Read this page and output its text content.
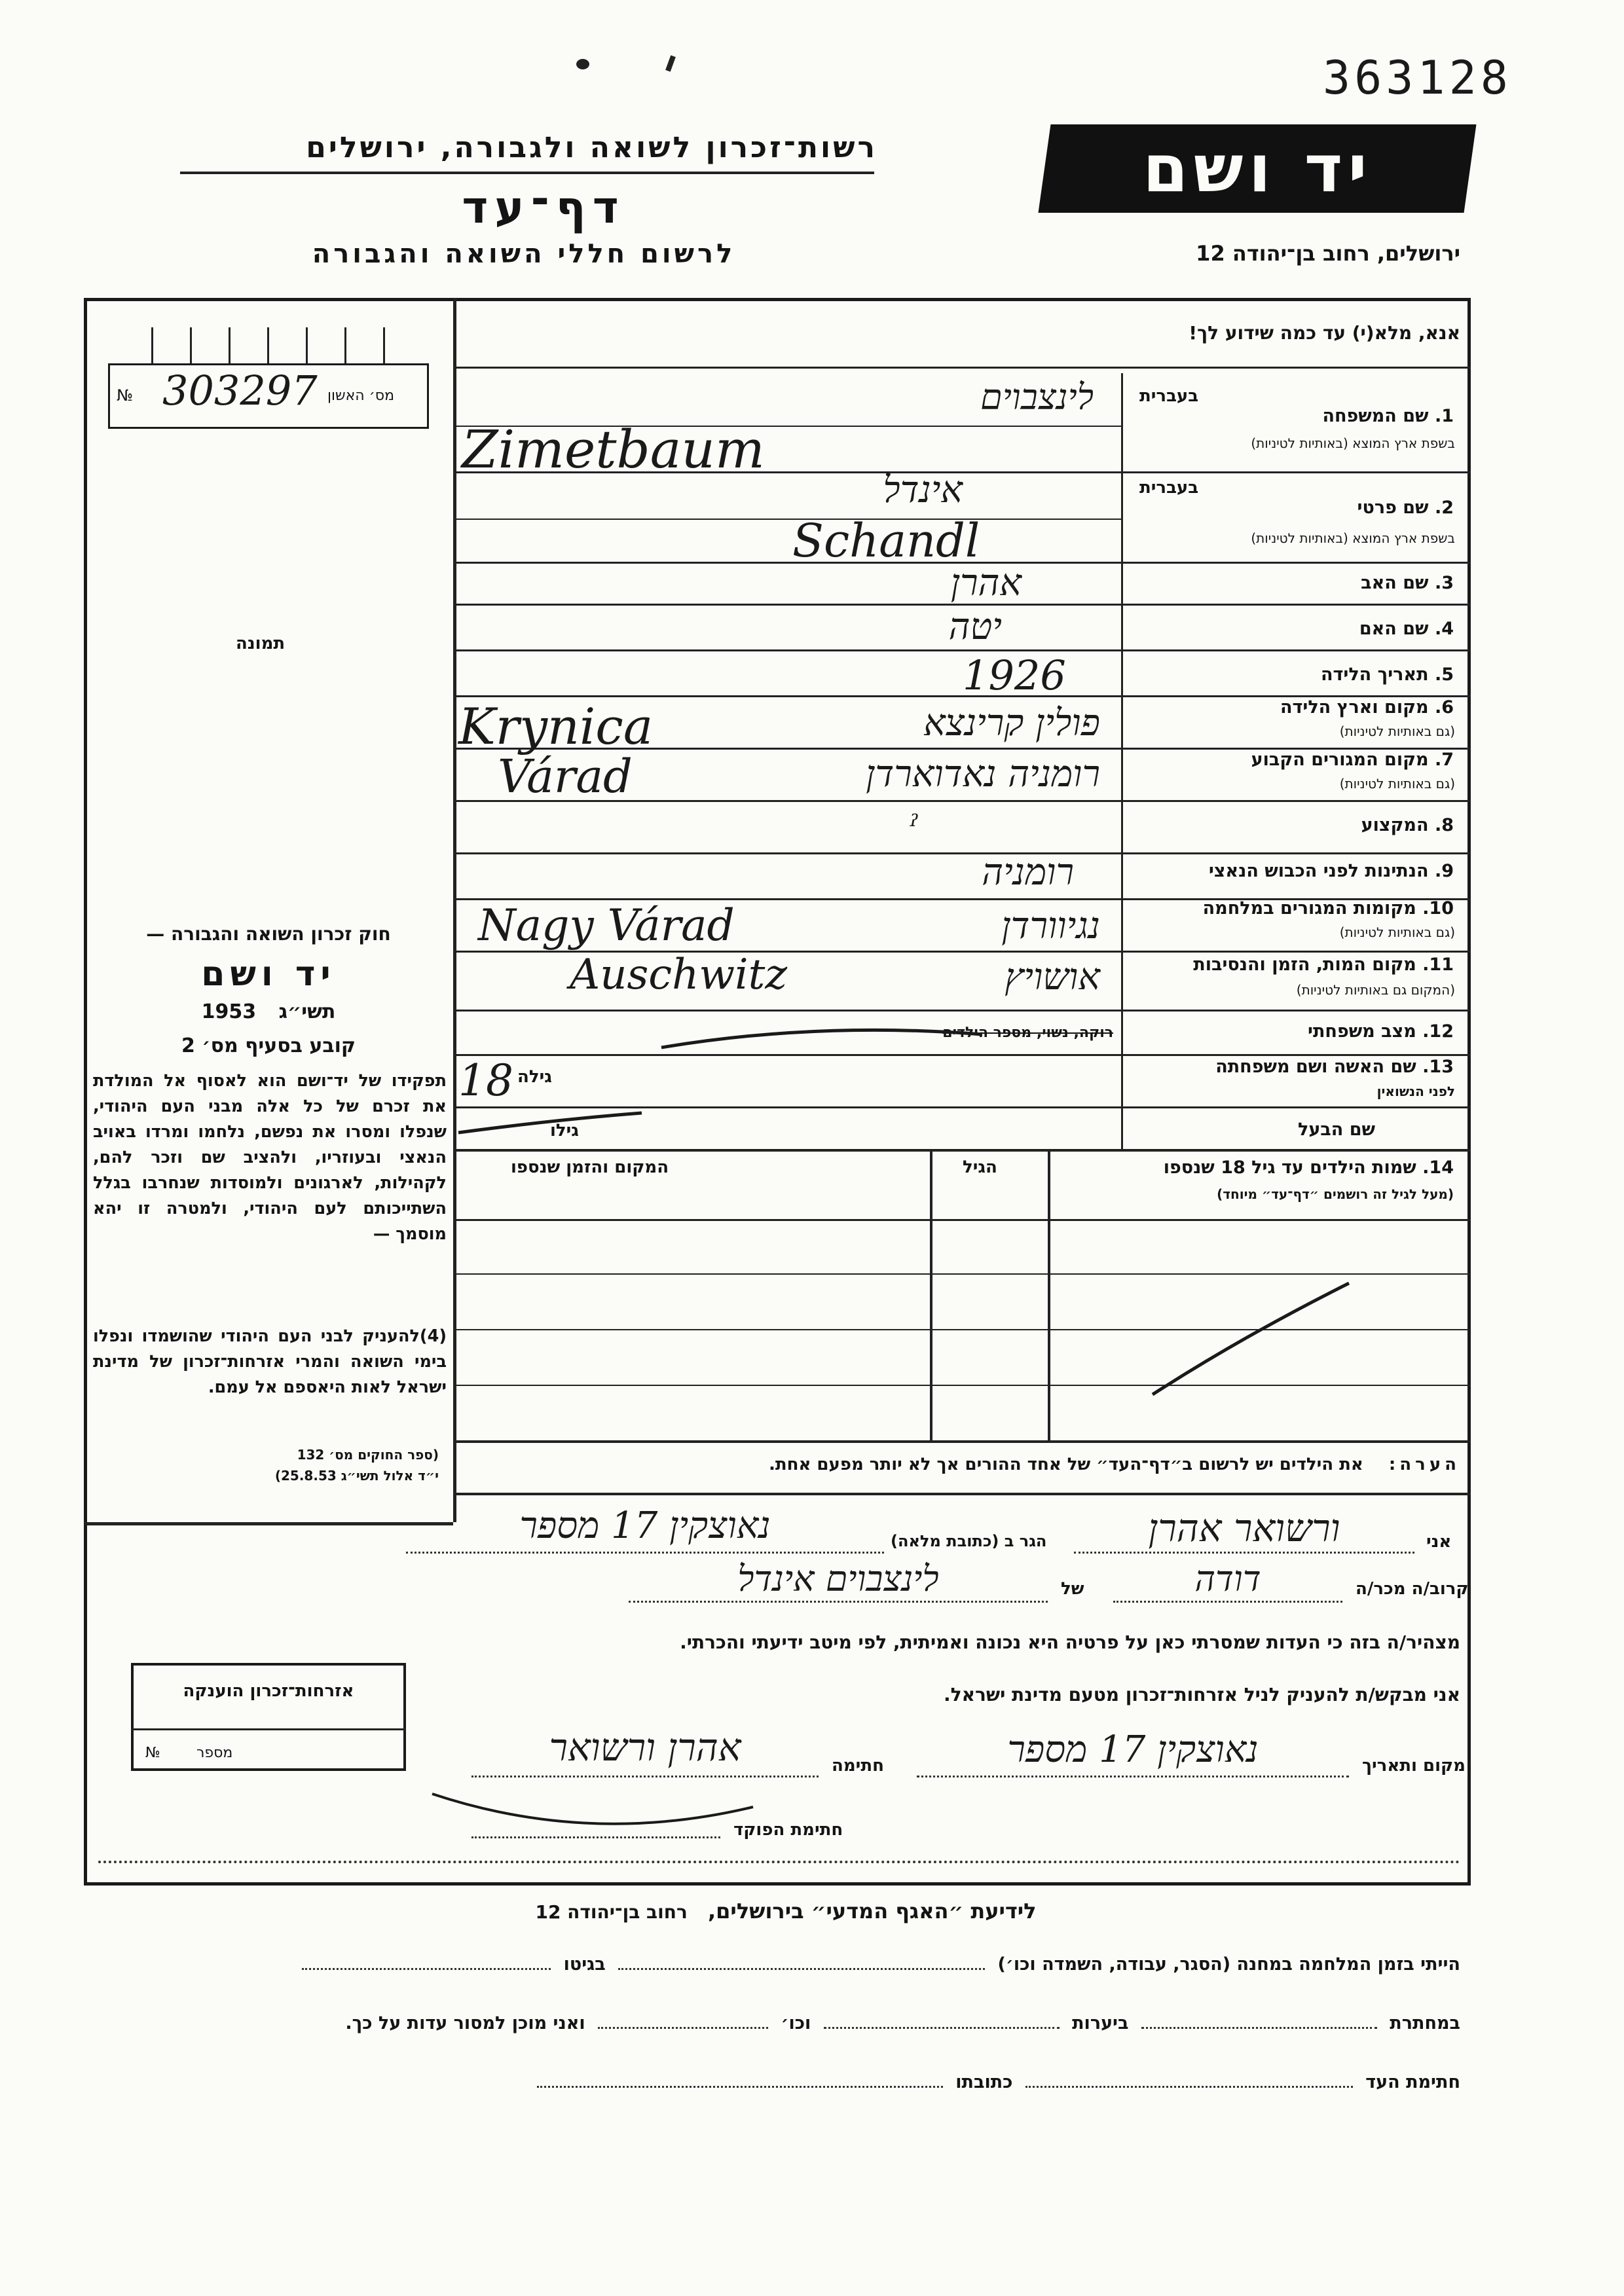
363128
רשות־זכרון לשואה ולגבורה, ירושלים
דף־עד
לרשום חללי השואה והגבורה
יד ושם
ירושלים, רחוב בן־יהודה 12
אנא, מלא(י) עד כמה שידוע לך!
מס׳ האשון
303297
№
תמונה
בעברית
בעברית
1. שם המשפחה
בשפת ארץ המוצא (באותיות לטיניות)
לינצבוים
Zimetbaum
2. שם פרטי
בשפת ארץ המוצא (באותיות לטיניות)
אינדל
Schandl
3. שם האב
אהרן
4. שם האם
יטה
5. תאריך הלידה
1926
6. מקום וארץ הלידה
(גם באותיות לטיניות)
Krynica	פולין קרינצא
7. מקום המגורים הקבוע
(גם באותיות לטיניות)
Várad	רומניה נאדוארדן
8. המקצוע
ˀ
9. הנתינות לפני הכבוש הנאצי
רומניה
10. מקומות המגורים במלחמה
(גם באותיות לטיניות)
Nagy Várad	נגיוורדן
11. מקום המות, הזמן והנסיבות
(המקום גם באותיות לטיניות)
Auschwitz	אושויץ
12. מצב משפחתי
רוקה, נשוי, מספר הילדים
13. שם האשה ושם משפחתה
לפני הנשואין
גילה
18
שם הבעל
גילו
14. שמות הילדים עד גיל 18 שנספו
(מעל לגיל זה רושמים ״דף־עד״ מיוחד)
הגיל
המקום והזמן שנספו
הערה: את הילדים יש לרשום ב״דף־העד״ של אחד ההורים אך לא יותר מפעם אחת.
חוק זכרון השואה והגבורה —
יד ושם
תשי״ג 1953
קובע בסעיף מס׳ 2
תפקידו של יד־ושם הוא לאסוף אל המולדת את זכרם של כל אלה מבני העם היהודי, שנפלו ומסרו את נפשם, נלחמו ומרדו באויב הנאצי ובעוזריו, ולהציב שם וזכר להם, לקהילות, לארגונים ולמוסדות שנחרבו בגלל השתייכותם לעם היהודי, ולמטרה זו יהא מוסמך —
(4)להעניק לבני העם היהודי שהושמדו ונפלו בימי השואה והמרי אזרחות־זכרון של מדינת ישראל לאות היאספם אל עמם.
(ספר החוקים מס׳ 132
י״ד אלול תשי״ג 25.8.53)
אני
ורשואר אהרן
הגר ב (כתובת מלאה)
נאוצקין 17 מספר
קרוב/ה מכר/ה
דודה
של
לינצבוים אינדל
מצהיר/ה בזה כי העדות שמסרתי כאן על פרטיה היא נכונה ואמיתית, לפי מיטב ידיעתי והכרתי.
אני מבקש/ת להעניק לניל אזרחות־זכרון מטעם מדינת ישראל.
מקום ותאריך
נאוצקין 17 מספר
חתימה
אהרן ורשואר
חתימת הפוקד
אזרחות־זכרון הוענקה
מספר
№
לידיעת ״האגף המדעי״ בירושלים, רחוב בן־יהודה 12
הייתי בזמן המלחמה במחנה (הסגר, עבודה, השמדה וכו׳)  בגיטו
במחתרת  ביערות  וכו׳  ואני מוכן למסור עדות על כך.
חתימת העד  כתובתו
